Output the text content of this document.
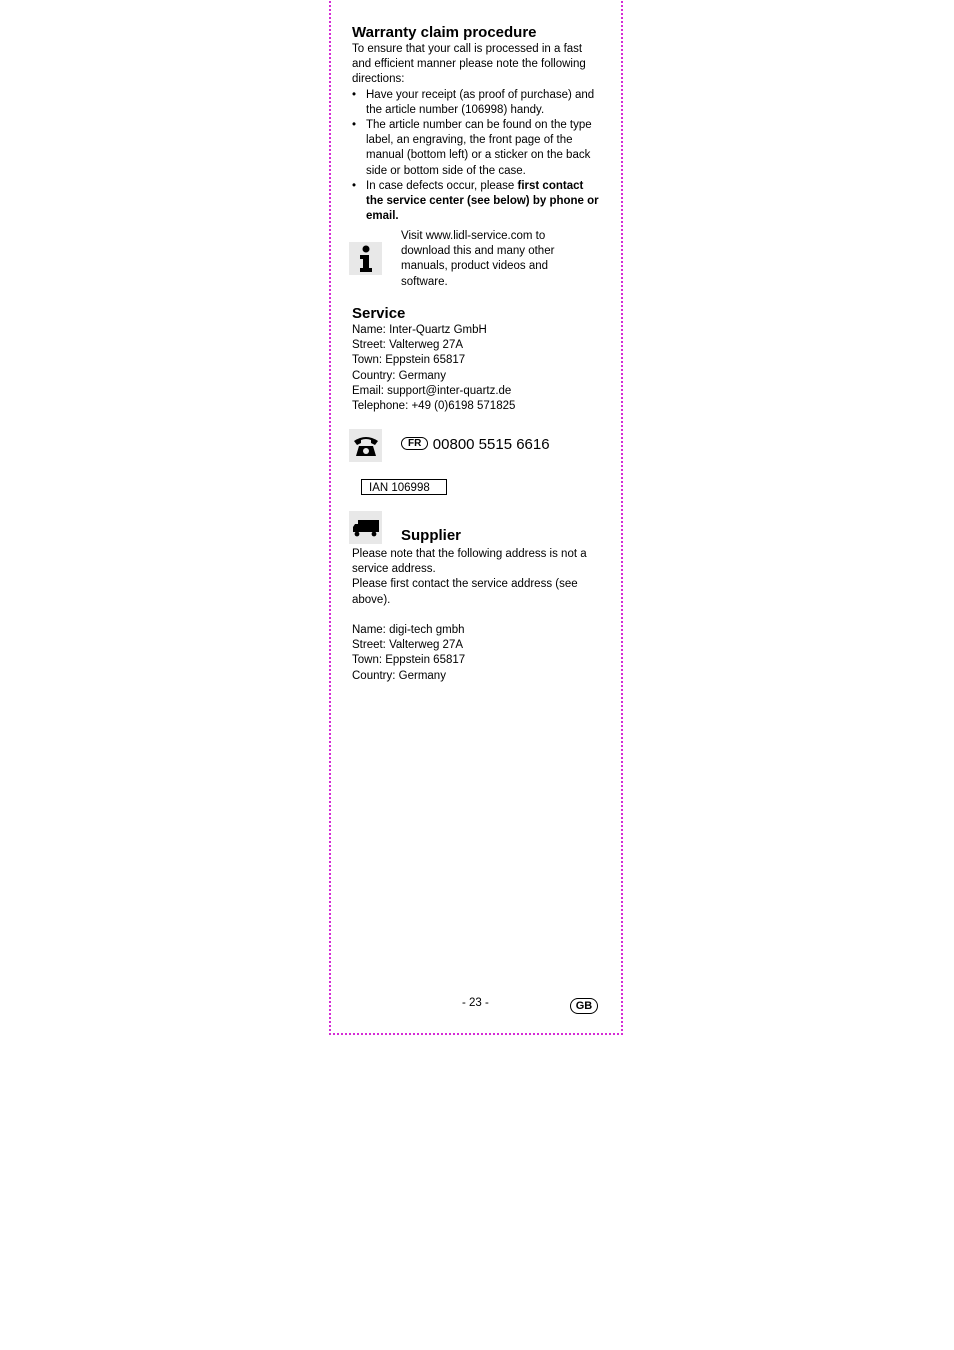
Warranty claim procedure

To ensure that your call is processed in a fast and efficient manner please note the following directions:

• Have your receipt (as proof of purchase) and the article number (106998) handy.
• The article number can be found on the type label, an engraving, the front page of the manual (bottom left) or a sticker on the back side or bottom side of the case.
• In case defects occur, please first contact the service center (see below) by phone or email.

Visit www.lidl-service.com to download this and many other manuals, product videos and software.

Service

Name: Inter-Quartz GmbH

Street: Valterweg 27A

Town: Eppstein 65817

Country: Germany

Email: support@inter-quartz.de

Telephone: +49 (0)6198 571825

FR 00800 5515 6616
IAN 106998
Supplier

Please note that the following address is not a service address.

Please first contact the service address (see above).

Name: digi-tech gmbh

Street: Valterweg 27A

Town: Eppstein 65817

Country: Germany

- 23 -	GB
